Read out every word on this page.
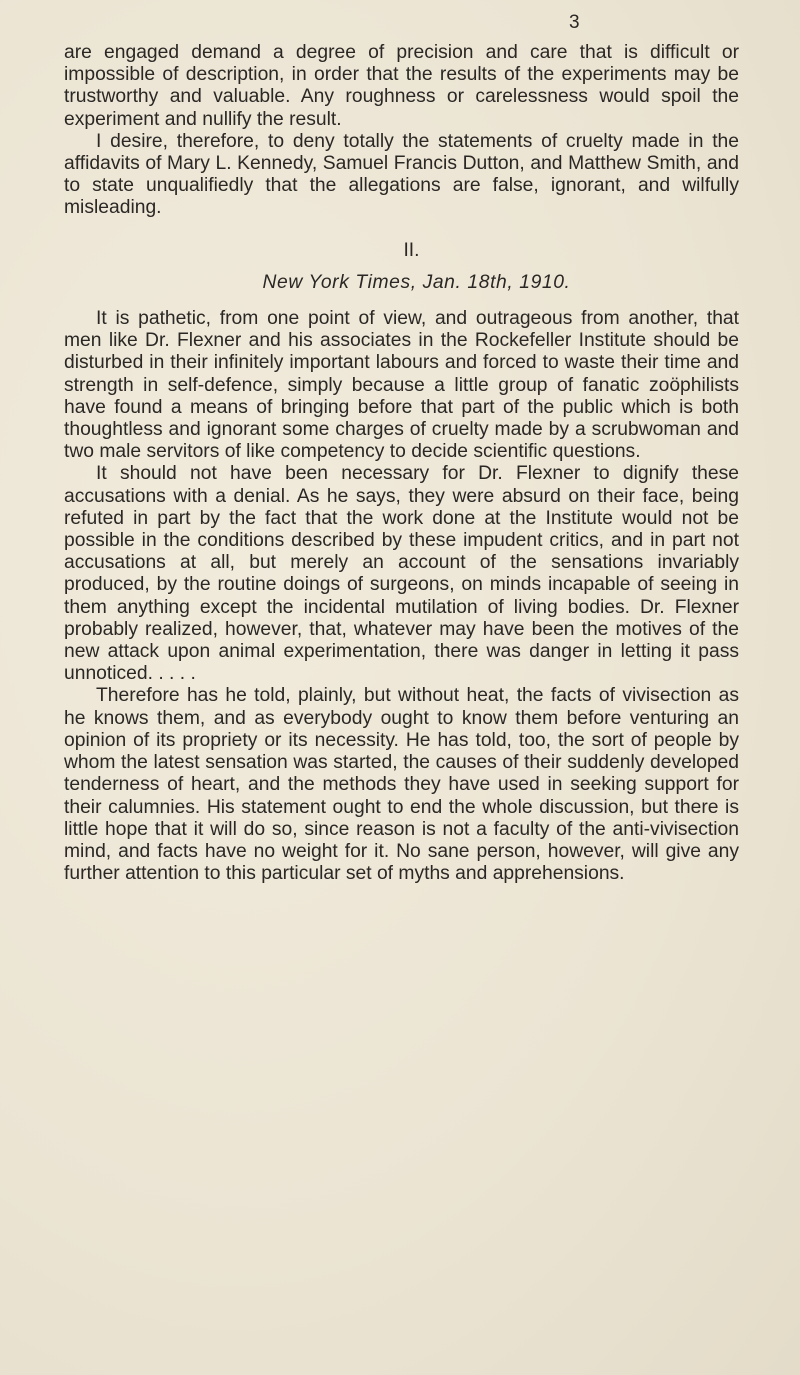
3

are engaged demand a degree of precision and care that is difficult or impossible of description, in order that the results of the experiments may be trustworthy and valuable. Any roughness or carelessness would spoil the experiment and nullify the result.

I desire, therefore, to deny totally the statements of cruelty made in the affidavits of Mary L. Kennedy, Samuel Francis Dutton, and Matthew Smith, and to state unqualifiedly that the allegations are false, ignorant, and wilfully misleading.

II.
New York Times, Jan. 18th, 1910.

It is pathetic, from one point of view, and outrageous from another, that men like Dr. Flexner and his associates in the Rockefeller Institute should be disturbed in their infinitely important labours and forced to waste their time and strength in self-defence, simply because a little group of fanatic zoöphilists have found a means of bringing before that part of the public which is both thoughtless and ignorant some charges of cruelty made by a scrubwoman and two male servitors of like competency to decide scientific questions.

It should not have been necessary for Dr. Flexner to dignify these accusations with a denial. As he says, they were absurd on their face, being refuted in part by the fact that the work done at the Institute would not be possible in the conditions described by these impudent critics, and in part not accusations at all, but merely an account of the sensations invariably produced, by the routine doings of surgeons, on minds incapable of seeing in them anything except the incidental mutilation of living bodies. Dr. Flexner probably realized, however, that, whatever may have been the motives of the new attack upon animal experimentation, there was danger in letting it pass unnoticed. . . . .

Therefore has he told, plainly, but without heat, the facts of vivisection as he knows them, and as everybody ought to know them before venturing an opinion of its propriety or its necessity. He has told, too, the sort of people by whom the latest sensation was started, the causes of their suddenly developed tenderness of heart, and the methods they have used in seeking support for their calumnies. His statement ought to end the whole discussion, but there is little hope that it will do so, since reason is not a faculty of the anti-vivisection mind, and facts have no weight for it. No sane person, however, will give any further attention to this particular set of myths and apprehensions.
